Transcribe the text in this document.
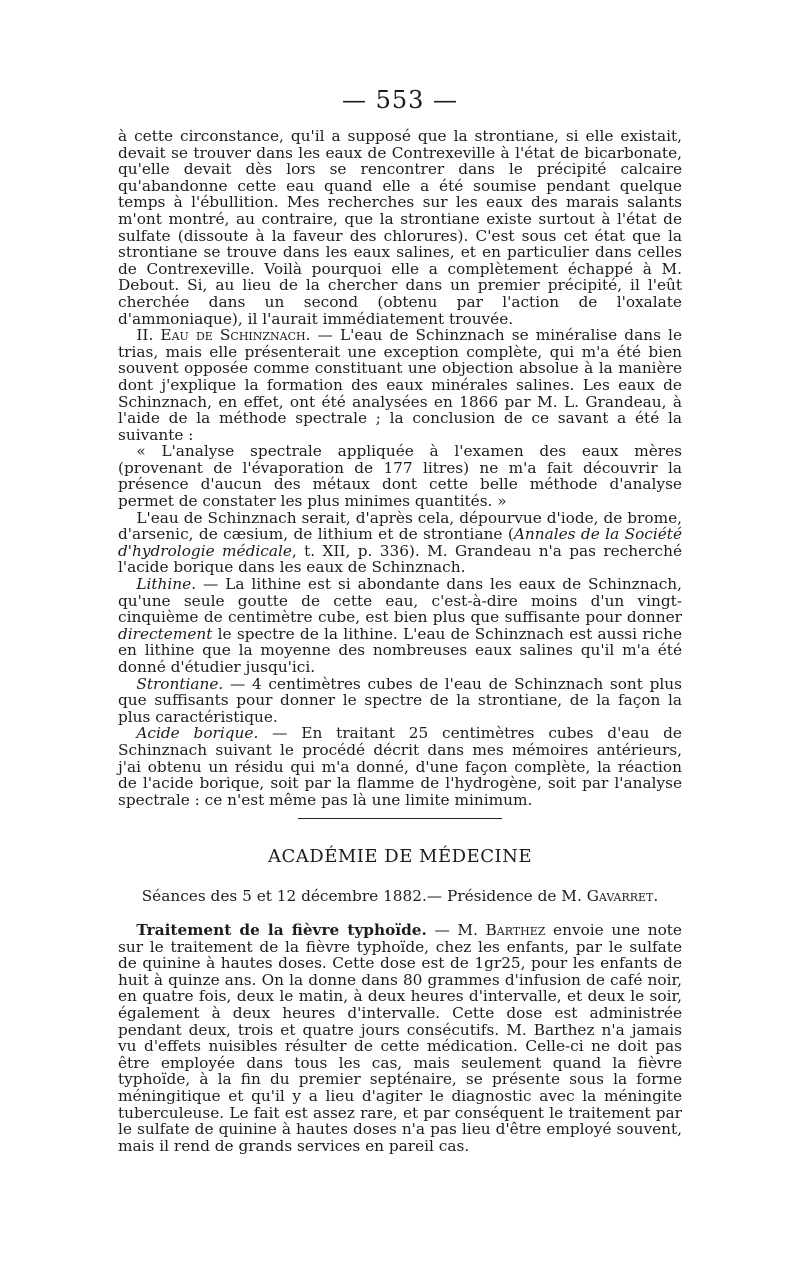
— 553 —

à cette circonstance, qu'il a supposé que la strontiane, si elle existait, devait se trouver dans les eaux de Contrexeville à l'état de bicarbonate, qu'elle devait dès lors se rencontrer dans le précipité calcaire qu'abandonne cette eau quand elle a été soumise pendant quelque temps à l'ébullition. Mes recherches sur les eaux des marais salants m'ont montré, au contraire, que la strontiane existe surtout à l'état de sulfate (dissoute à la faveur des chlorures). C'est sous cet état que la strontiane se trouve dans les eaux salines, et en particulier dans celles de Contrexeville. Voilà pourquoi elle a complètement échappé à M. Debout. Si, au lieu de la chercher dans un premier précipité, il l'eût cherchée dans un second (obtenu par l'action de l'oxalate d'ammoniaque), il l'aurait immédiatement trouvée.

II. Eau de Schinznach. — L'eau de Schinznach se minéralise dans le trias, mais elle présenterait une exception complète, qui m'a été bien souvent opposée comme constituant une objection absolue à la manière dont j'explique la formation des eaux minérales salines. Les eaux de Schinznach, en effet, ont été analysées en 1866 par M. L. Grandeau, à l'aide de la méthode spectrale ; la conclusion de ce savant a été la suivante :

« L'analyse spectrale appliquée à l'examen des eaux mères (provenant de l'évaporation de 177 litres) ne m'a fait découvrir la présence d'aucun des métaux dont cette belle méthode d'analyse permet de constater les plus minimes quantités. »

L'eau de Schinznach serait, d'après cela, dépourvue d'iode, de brome, d'arsenic, de cæsium, de lithium et de strontiane (Annales de la Société d'hydrologie médicale, t. XII, p. 336). M. Grandeau n'a pas recherché l'acide borique dans les eaux de Schinznach.

Lithine. — La lithine est si abondante dans les eaux de Schinznach, qu'une seule goutte de cette eau, c'est-à-dire moins d'un vingt-cinquième de centimètre cube, est bien plus que suffisante pour donner directement le spectre de la lithine. L'eau de Schinznach est aussi riche en lithine que la moyenne des nombreuses eaux salines qu'il m'a été donné d'étudier jusqu'ici.

Strontiane. — 4 centimètres cubes de l'eau de Schinznach sont plus que suffisants pour donner le spectre de la strontiane, de la façon la plus caractéristique.

Acide borique. — En traitant 25 centimètres cubes d'eau de Schinznach suivant le procédé décrit dans mes mémoires antérieurs, j'ai obtenu un résidu qui m'a donné, d'une façon complète, la réaction de l'acide borique, soit par la flamme de l'hydrogène, soit par l'analyse spectrale : ce n'est même pas là une limite minimum.

ACADÉMIE DE MÉDECINE
Séances des 5 et 12 décembre 1882.— Présidence de M. Gavarret.

Traitement de la fièvre typhoïde. — M. Barthez envoie une note sur le traitement de la fièvre typhoïde, chez les enfants, par le sulfate de quinine à hautes doses. Cette dose est de 1gr25, pour les enfants de huit à quinze ans. On la donne dans 80 grammes d'infusion de café noir, en quatre fois, deux le matin, à deux heures d'intervalle, et deux le soir, également à deux heures d'intervalle. Cette dose est administrée pendant deux, trois et quatre jours consécutifs. M. Barthez n'a jamais vu d'effets nuisibles résulter de cette médication. Celle-ci ne doit pas être employée dans tous les cas, mais seulement quand la fièvre typhoïde, à la fin du premier septénaire, se présente sous la forme méningitique et qu'il y a lieu d'agiter le diagnostic avec la méningite tuberculeuse. Le fait est assez rare, et par conséquent le traitement par le sulfate de quinine à hautes doses n'a pas lieu d'être employé souvent, mais il rend de grands services en pareil cas.
